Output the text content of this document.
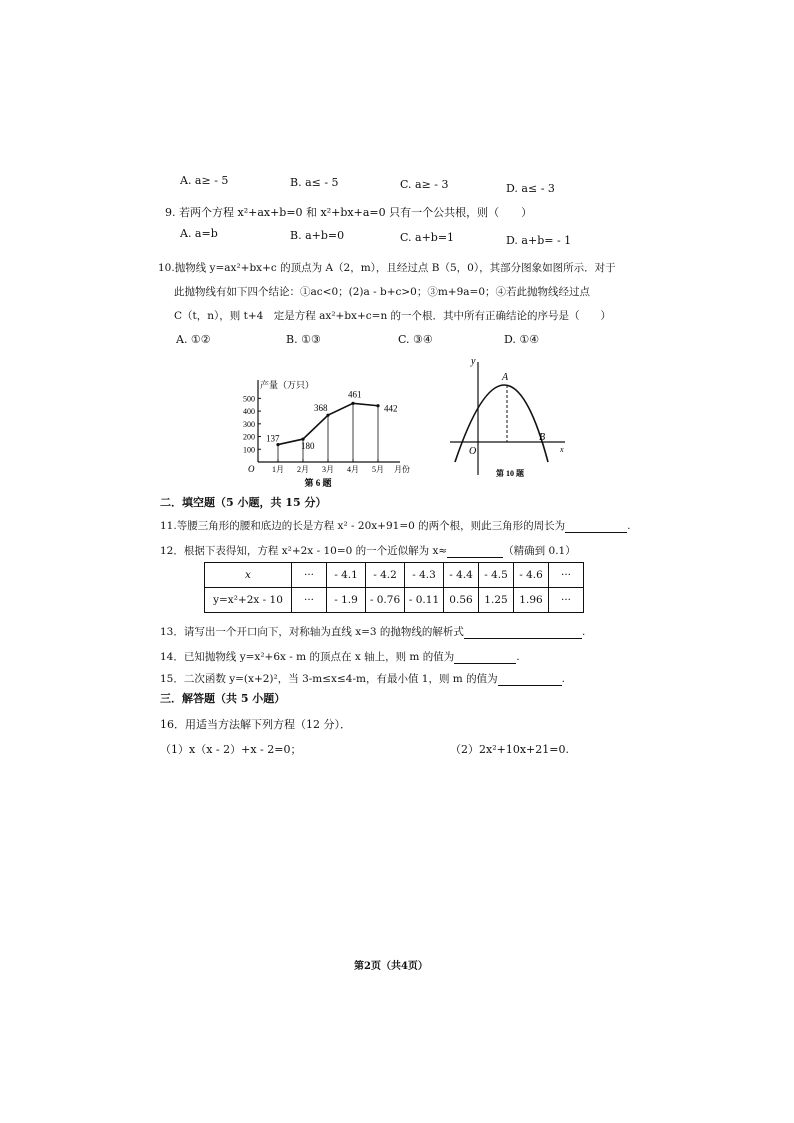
A. a≥ - 5	B. a≤ - 5	C. a≥ - 3	D. a≤ - 3
9. 若两个方程 x²+ax+b=0 和 x²+bx+a=0 只有一个公共根，则（　　）
A. a=b	B. a+b=0	C. a+b=1	D. a+b= - 1
10.抛物线 y=ax²+bx+c 的顶点为 A（2，m），且经过点 B（5，0），其部分图象如图所示．对于
此抛物线有如下四个结论：①ac<0；(2)a - b+c>0；③m+9a=0；④若此抛物线经过点
C（t，n），则 t+4　定是方程 ax²+bx+c=n 的一个根．其中所有正确结论的序号是（　　）
A. ①②	B. ①③	C. ③④	D. ①④
产量（万只）
O
100
200
300
400
500
1月 2月 3月 4月 5月 月份
137
180
368
461
442
第 6 题
y
x
O
A
B
第 10 题
二．填空题（5 小题，共 15 分）
11.等腰三角形的腰和底边的长是方程 x² - 20x+91=0 的两个根，则此三角形的周长为	.
12．根据下表得知，方程 x²+2x - 10=0 的一个近似解为 x≈	（精确到 0.1）
x	···	- 4.1	- 4.2	- 4.3	- 4.4	- 4.5	- 4.6	···
y=x²+2x - 10	···	- 1.9	- 0.76	- 0.11	0.56	1.25	1.96	···
13．请写出一个开口向下，对称轴为直线 x=3 的抛物线的解析式	.
14．已知抛物线 y=x²+6x - m 的顶点在 x 轴上，则 m 的值为	.
15．二次函数 y=(x+2)²，当 3-m≤x≤4-m，有最小值 1，则 m 的值为	.
三．解答题（共 5 小题）
16．用适当方法解下列方程（12 分）．
（1）x（x - 2）+x - 2=0；	（2）2x²+10x+21=0.
第2页（共4页）
